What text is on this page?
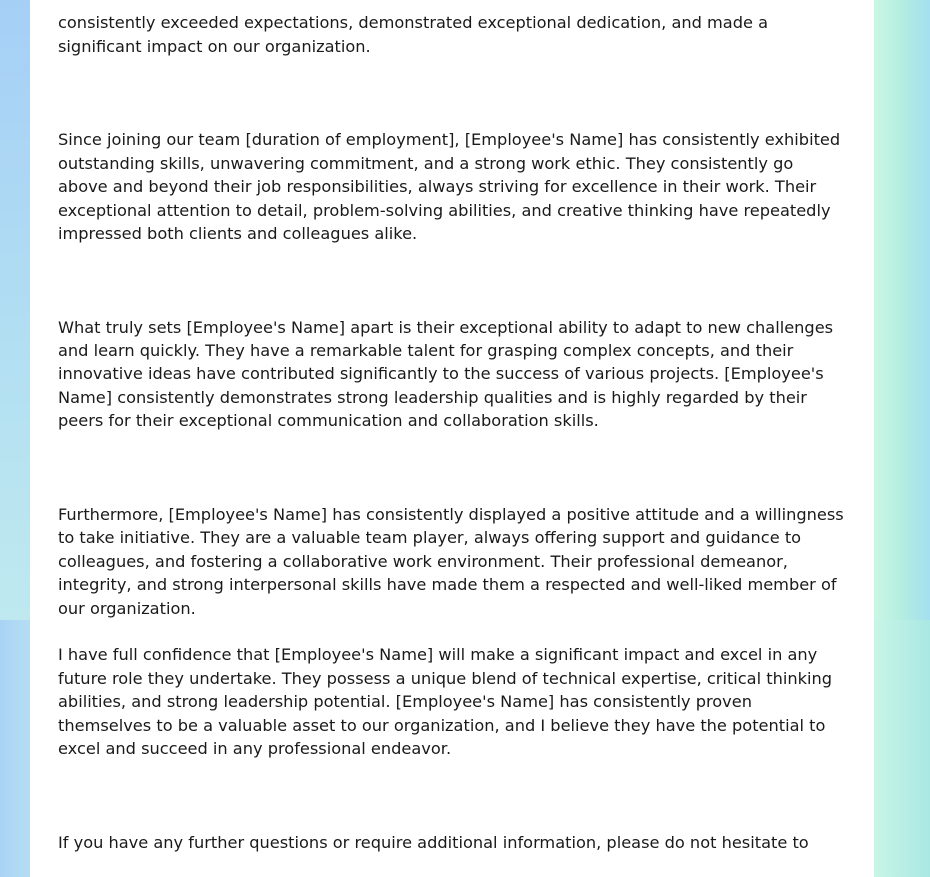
consistently exceeded expectations, demonstrated exceptional dedication, and made a
significant impact on our organization.

Since joining our team [duration of employment], [Employee's Name] has consistently exhibited
outstanding skills, unwavering commitment, and a strong work ethic. They consistently go
above and beyond their job responsibilities, always striving for excellence in their work. Their
exceptional attention to detail, problem-solving abilities, and creative thinking have repeatedly
impressed both clients and colleagues alike.

What truly sets [Employee's Name] apart is their exceptional ability to adapt to new challenges
and learn quickly. They have a remarkable talent for grasping complex concepts, and their
innovative ideas have contributed significantly to the success of various projects. [Employee's
Name] consistently demonstrates strong leadership qualities and is highly regarded by their
peers for their exceptional communication and collaboration skills.

Furthermore, [Employee's Name] has consistently displayed a positive attitude and a willingness
to take initiative. They are a valuable team player, always offering support and guidance to
colleagues, and fostering a collaborative work environment. Their professional demeanor,
integrity, and strong interpersonal skills have made them a respected and well-liked member of
our organization.

I have full confidence that [Employee's Name] will make a significant impact and excel in any
future role they undertake. They possess a unique blend of technical expertise, critical thinking
abilities, and strong leadership potential. [Employee's Name] has consistently proven
themselves to be a valuable asset to our organization, and I believe they have the potential to
excel and succeed in any professional endeavor.

If you have any further questions or require additional information, please do not hesitate to
